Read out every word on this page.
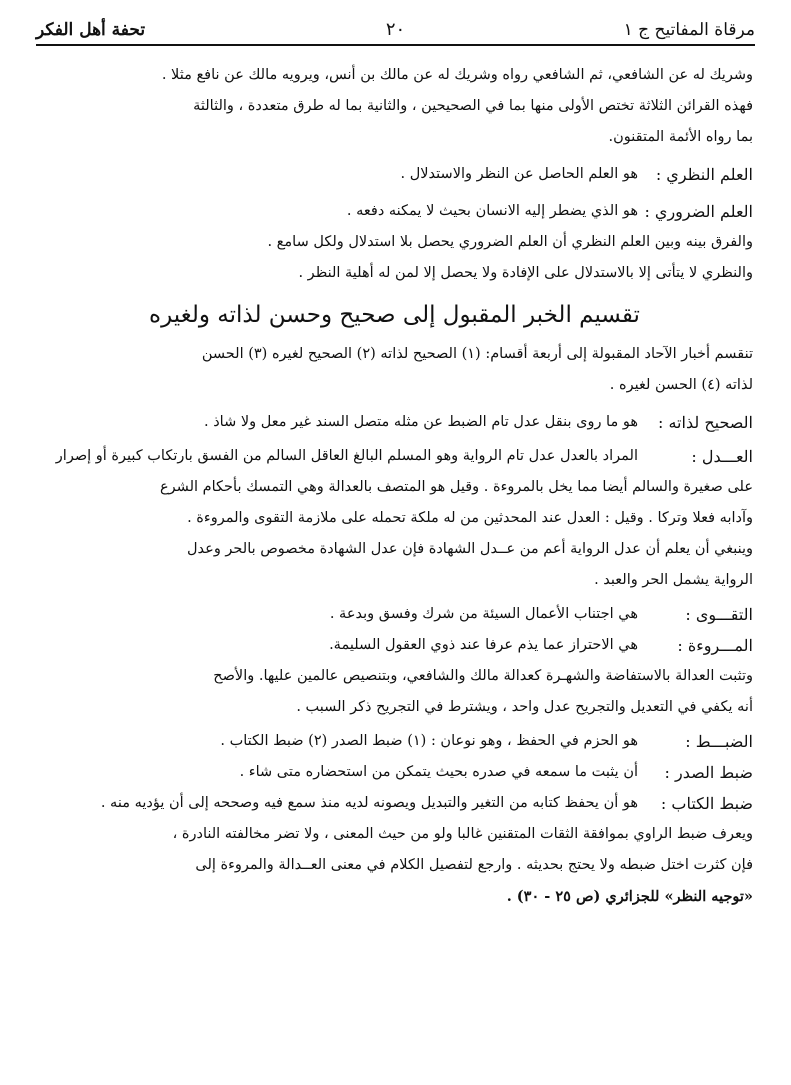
مرقاة المفاتيح ج ١
٢٠
تحفة أهل الفكر

وشريك له عن الشافعي، ثم الشافعي رواه وشريك له عن مالك بن أنس، ويرويه مالك عن نافع مثلا .

فهذه القرائن الثلاثة تختص الأولى منها بما في الصحيحين ، والثانية بما له طرق متعددة ، والثالثة

بما رواه الأئمة المتقنون.

العلم النظري :

هو العلم الحاصل عن النظر والاستدلال .

العلم الضروري :

هو الذي يضطر إليه الانسان بحيث لا يمكنه دفعه .

والفرق بينه وبين العلم النظري أن العلم الضروري يحصل بلا استدلال ولكل سامع .

والنظري لا يتأتى إلا بالاستدلال على الإفادة ولا يحصل إلا لمن له أهلية النظر .

تقسيم الخبر المقبول إلى صحيح وحسن لذاته ولغيره

تنقسم أخبار الآحاد المقبولة إلى أربعة أقسام: (١) الصحيح لذاته (٢) الصحيح لغيره (٣) الحسن

لذاته (٤) الحسن لغيره .

الصحيح لذاته :

هو ما روى بنقل عدل تام الضبط عن مثله متصل السند غير معل ولا شاذ .

العـــدل :

المراد بالعدل عدل تام الرواية وهو المسلم البالغ العاقل السالم من الفسق بارتكاب كبيرة أو إصرار

على صغيرة والسالم أيضا مما يخل بالمروءة . وقيل هو المتصف بالعدالة وهي التمسك بأحكام الشرع

وآدابه فعلا وتركا . وقيل : العدل عند المحدثين من له ملكة تحمله على ملازمة التقوى والمروءة .

وينبغي أن يعلم أن عدل الرواية أعم من عــدل الشهادة فإن عدل الشهادة مخصوص بالحر وعدل

الرواية يشمل الحر والعبد .

التقـــوى :

هي اجتناب الأعمال السيئة من شرك وفسق وبدعة .

المـــروءة :

هي الاحتراز عما يذم عرفا عند ذوي العقول السليمة.

وتثبت العدالة بالاستفاضة والشهـرة كعدالة مالك والشافعي، وبتنصيص عالمين عليها. والأصح

أنه يكفي في التعديل والتجريح عدل واحد ، ويشترط في التجريح ذكر السبب .

الضبـــط :

هو الحزم في الحفظ ، وهو نوعان : (١) ضبط الصدر (٢) ضبط الكتاب .

ضبط الصدر :

أن يثبت ما سمعه في صدره بحيث يتمكن من استحضاره متى شاء .

ضبط الكتاب :

هو أن يحفظ كتابه من التغير والتبديل ويصونه لديه منذ سمع فيه وصححه إلى أن يؤديه منه .

ويعرف ضبط الراوي بموافقة الثقات المتقنين غالبا ولو من حيث المعنى ، ولا تضر مخالفته النادرة ،

فإن كثرت اختل ضبطه ولا يحتج بحديثه . وارجع لتفصيل الكلام في معنى العــدالة والمروءة إلى

«توجيه النظر» للجزائري (ص ٢٥ - ٣٠) .
